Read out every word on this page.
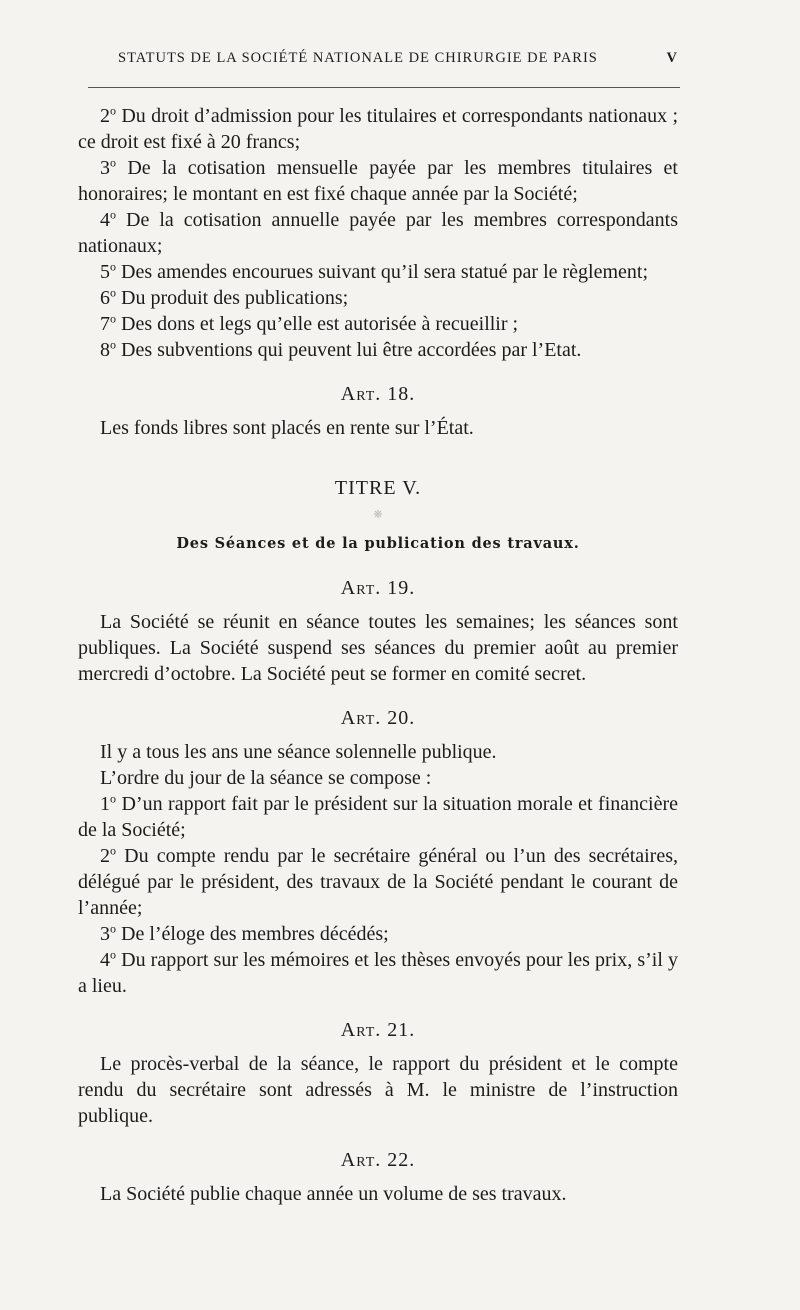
STATUTS DE LA SOCIÉTÉ NATIONALE DE CHIRURGIE DE PARIS	V

2$^o$ Du droit d’admission pour les titulaires et correspondants nationaux ; ce droit est fixé à 20 francs;

3$^o$ De la cotisation mensuelle payée par les membres titulaires et honoraires; le montant en est fixé chaque année par la Société;

4$^o$ De la cotisation annuelle payée par les membres correspondants nationaux;

5$^o$ Des amendes encourues suivant qu’il sera statué par le règlement;

6$^o$ Du produit des publications;

7$^o$ Des dons et legs qu’elle est autorisée à recueillir ;

8$^o$ Des subventions qui peuvent lui être accordées par l’Etat.

Art. 18.

Les fonds libres sont placés en rente sur l’État.

TITRE V.
❋
Des Séances et de la publication des travaux.
Art. 19.

La Société se réunit en séance toutes les semaines; les séances sont publiques. La Société suspend ses séances du premier août au premier mercredi d’octobre. La Société peut se former en comité secret.

Art. 20.

Il y a tous les ans une séance solennelle publique.

L’ordre du jour de la séance se compose :

1$^o$ D’un rapport fait par le président sur la situation morale et financière de la Société;

2$^o$ Du compte rendu par le secrétaire général ou l’un des secrétaires, délégué par le président, des travaux de la Société pendant le courant de l’année;

3$^o$ De l’éloge des membres décédés;

4$^o$ Du rapport sur les mémoires et les thèses envoyés pour les prix, s’il y a lieu.

Art. 21.

Le procès-verbal de la séance, le rapport du président et le compte rendu du secrétaire sont adressés à M. le ministre de l’instruction publique.

Art. 22.

La Société publie chaque année un volume de ses travaux.
